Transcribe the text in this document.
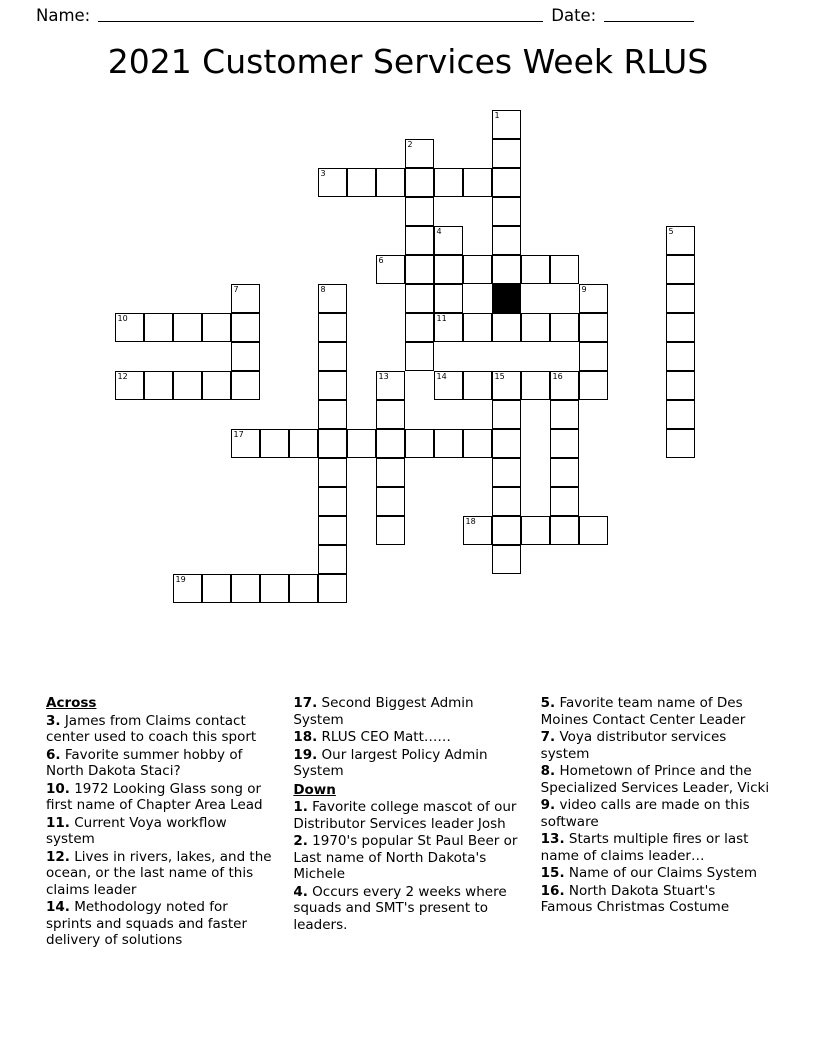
Name:	Date:
2021 Customer Services Week RLUS
1
2
3
4	5
6
7	8	9
10	11
12	13	14	15	16
17
18
19
Across

3. James from Claims contact center used to coach this sport

6. Favorite summer hobby of North Dakota Staci?

10. 1972 Looking Glass song or first name of Chapter Area Lead

11. Current Voya workflow system

12. Lives in rivers, lakes, and the ocean, or the last name of this claims leader

14. Methodology noted for sprints and squads and faster delivery of solutions

17. Second Biggest Admin System

18. RLUS CEO Matt……

19. Our largest Policy Admin System

Down

1. Favorite college mascot of our Distributor Services leader Josh

2. 1970's popular St Paul Beer or Last name of North Dakota's Michele

4. Occurs every 2 weeks where squads and SMT's present to leaders.

5. Favorite team name of Des Moines Contact Center Leader

7. Voya distributor services system

8. Hometown of Prince and the Specialized Services Leader, Vicki

9. video calls are made on this software

13. Starts multiple fires or last name of claims leader…

15. Name of our Claims System

16. North Dakota Stuart's Famous Christmas Costume
